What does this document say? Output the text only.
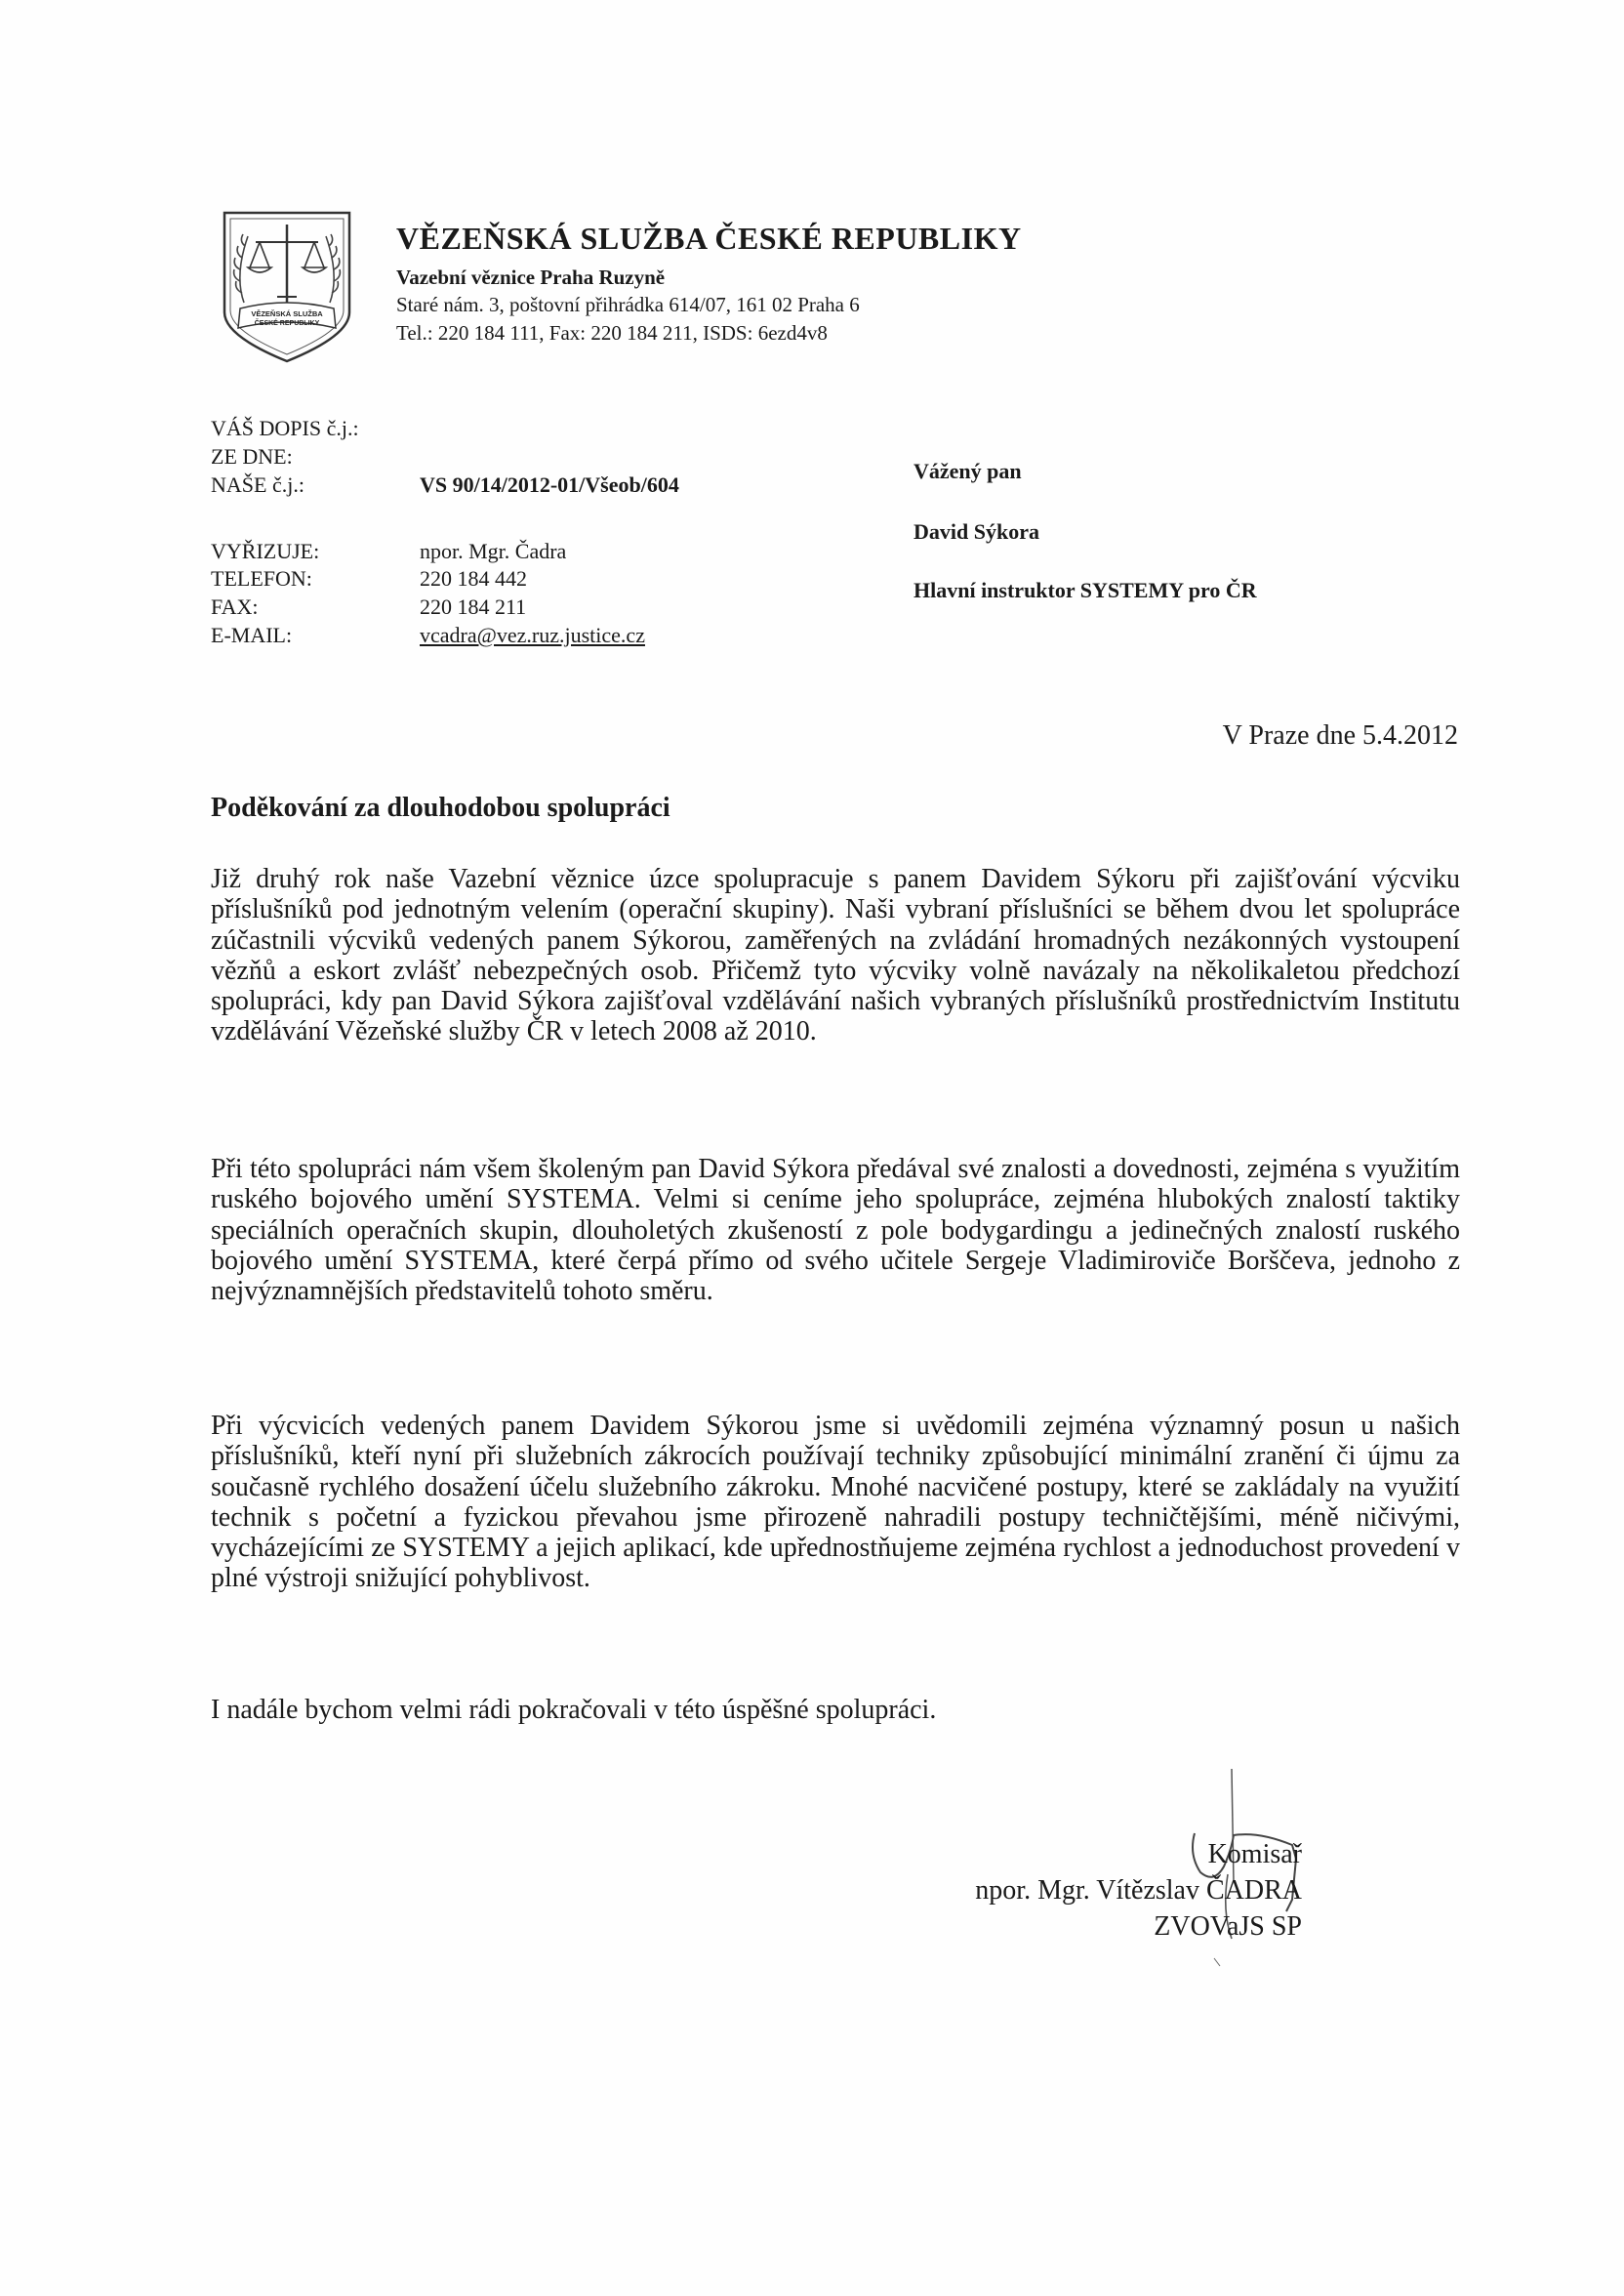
VĚZEŇSKÁ SLUŽBA
ČESKÉ REPUBLIKY
VĚZEŇSKÁ SLUŽBA ČESKÉ REPUBLIKY
Vazební věznice Praha Ruzyně
Staré nám. 3, poštovní přihrádka 614/07, 161 02 Praha 6
Tel.: 220 184 111, Fax: 220 184 211, ISDS: 6ezd4v8
VÁŠ DOPIS č.j.:
ZE DNE:
NAŠE č.j.:	VS 90/14/2012-01/Všeob/604
VYŘIZUJE:	npor. Mgr. Čadra
TELEFON:	220 184 442
FAX:	220 184 211
E-MAIL:	vcadra@vez.ruz.justice.cz
Vážený pan
David Sýkora
Hlavní instruktor SYSTEMY pro ČR
V Praze dne 5.4.2012
Poděkování za dlouhodobou spolupráci
Již druhý rok naše Vazební věznice úzce spolupracuje s panem Davidem Sýkoru při zajišťování výcviku příslušníků pod jednotným velením (operační skupiny). Naši vybraní příslušníci se během dvou let spolupráce zúčastnili výcviků vedených panem Sýkorou, zaměřených na zvládání hromadných nezákonných vystoupení vězňů a eskort zvlášť nebezpečných osob. Přičemž tyto výcviky volně navázaly na několikaletou předchozí spolupráci, kdy pan David Sýkora zajišťoval vzdělávání našich vybraných příslušníků prostřednictvím Institutu vzdělávání Vězeňské služby ČR v letech 2008 až 2010.
Při této spolupráci nám všem školeným pan David Sýkora předával své znalosti a dovednosti, zejména s využitím ruského bojového umění SYSTEMA. Velmi si ceníme jeho spolupráce, zejména hlubokých znalostí taktiky speciálních operačních skupin, dlouholetých zkušeností z pole bodygardingu a jedinečných znalostí ruského bojového umění SYSTEMA, které čerpá přímo od svého učitele Sergeje Vladimiroviče Borščeva, jednoho z nejvýznamnějších představitelů tohoto směru.
Při výcvicích vedených panem Davidem Sýkorou jsme si uvědomili zejména významný posun u našich příslušníků, kteří nyní při služebních zákrocích používají techniky způsobující minimální zranění či újmu za současně rychlého dosažení účelu služebního zákroku. Mnohé nacvičené postupy, které se zakládaly na využití technik s početní a fyzickou převahou jsme přirozeně nahradili postupy techničtějšími, méně ničivými, vycházejícími ze SYSTEMY a jejich aplikací, kde upřednostňujeme zejména rychlost a jednoduchost provedení v plné výstroji snižující pohyblivost.
I nadále bychom velmi rádi pokračovali v této úspěšné spolupráci.
Komisař
npor. Mgr. Vítězslav ČADRA
ZVOVaJS SP
